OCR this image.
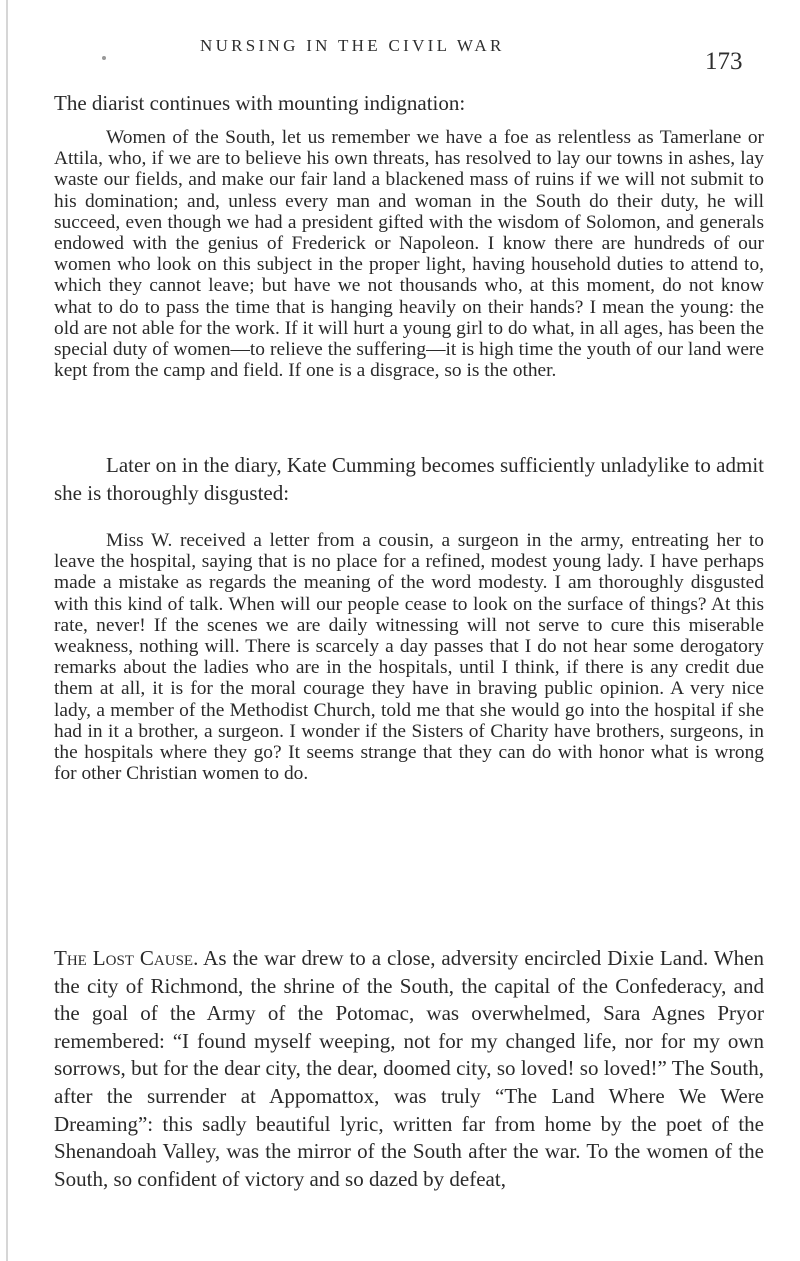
NURSING IN THE CIVIL WAR
173

The diarist continues with mounting indignation:

Women of the South, let us remember we have a foe as relentless as Tamerlane or Attila, who, if we are to believe his own threats, has resolved to lay our towns in ashes, lay waste our fields, and make our fair land a blackened mass of ruins if we will not submit to his domination; and, unless every man and woman in the South do their duty, he will succeed, even though we had a president gifted with the wisdom of Solomon, and generals endowed with the genius of Frederick or Napoleon. I know there are hundreds of our women who look on this subject in the proper light, having household duties to attend to, which they cannot leave; but have we not thousands who, at this moment, do not know what to do to pass the time that is hanging heavily on their hands? I mean the young: the old are not able for the work. If it will hurt a young girl to do what, in all ages, has been the special duty of women—to relieve the suffering—it is high time the youth of our land were kept from the camp and field. If one is a disgrace, so is the other.

Later on in the diary, Kate Cumming becomes sufficiently unladylike to admit she is thoroughly disgusted:

Miss W. received a letter from a cousin, a surgeon in the army, entreating her to leave the hospital, saying that is no place for a refined, modest young lady. I have perhaps made a mistake as regards the meaning of the word modesty. I am thoroughly disgusted with this kind of talk. When will our people cease to look on the surface of things? At this rate, never! If the scenes we are daily witnessing will not serve to cure this miserable weakness, nothing will. There is scarcely a day passes that I do not hear some derogatory remarks about the ladies who are in the hospitals, until I think, if there is any credit due them at all, it is for the moral courage they have in braving public opinion. A very nice lady, a member of the Methodist Church, told me that she would go into the hospital if she had in it a brother, a surgeon. I wonder if the Sisters of Charity have brothers, surgeons, in the hospitals where they go? It seems strange that they can do with honor what is wrong for other Christian women to do.

The Lost Cause. As the war drew to a close, adversity encircled Dixie Land. When the city of Richmond, the shrine of the South, the capital of the Confederacy, and the goal of the Army of the Potomac, was overwhelmed, Sara Agnes Pryor remembered: “I found myself weeping, not for my changed life, nor for my own sorrows, but for the dear city, the dear, doomed city, so loved! so loved!” The South, after the surrender at Appomattox, was truly “The Land Where We Were Dreaming”: this sadly beautiful lyric, written far from home by the poet of the Shenandoah Valley, was the mirror of the South after the war. To the women of the South, so confident of victory and so dazed by defeat,
